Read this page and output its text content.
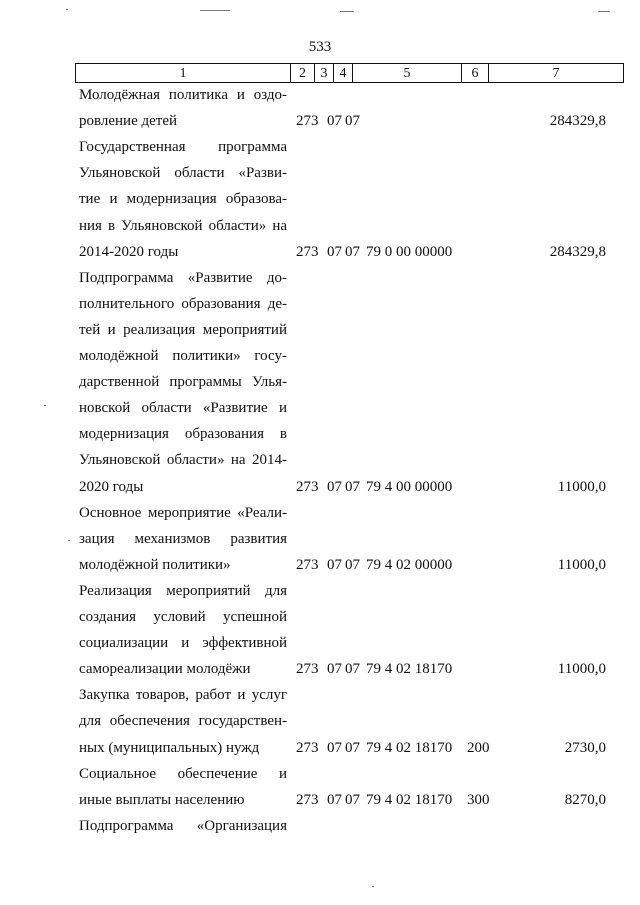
533
1	2	3 4	5	6	7
Молодёжная политика и оздо-
ровление детей	273 07 07	284329,8
Государственная программа
Ульяновской области «Разви-
тие и модернизация образова-
ния в Ульяновской области» на
2014-2020 годы	273 07 07 79 0 00 00000	284329,8
Подпрограмма «Развитие до-
полнительного образования де-
тей и реализация мероприятий
молодёжной политики» госу-
дарственной программы Улья-
новской области «Развитие и
модернизация образования в
Ульяновской области» на 2014-
2020 годы	273 07 07 79 4 00 00000	11000,0
Основное мероприятие «Реали-
зация механизмов развития
молодёжной политики»	273 07 07 79 4 02 00000	11000,0
Реализация мероприятий для
создания условий успешной
социализации и эффективной
самореализации молодёжи	273 07 07 79 4 02 18170	11000,0
Закупка товаров, работ и услуг
для обеспечения государствен-
ных (муниципальных) нужд	273 07 07 79 4 02 18170 200	2730,0
Социальное обеспечение и
иные выплаты населению	273 07 07 79 4 02 18170 300	8270,0
Подпрограмма «Организация
